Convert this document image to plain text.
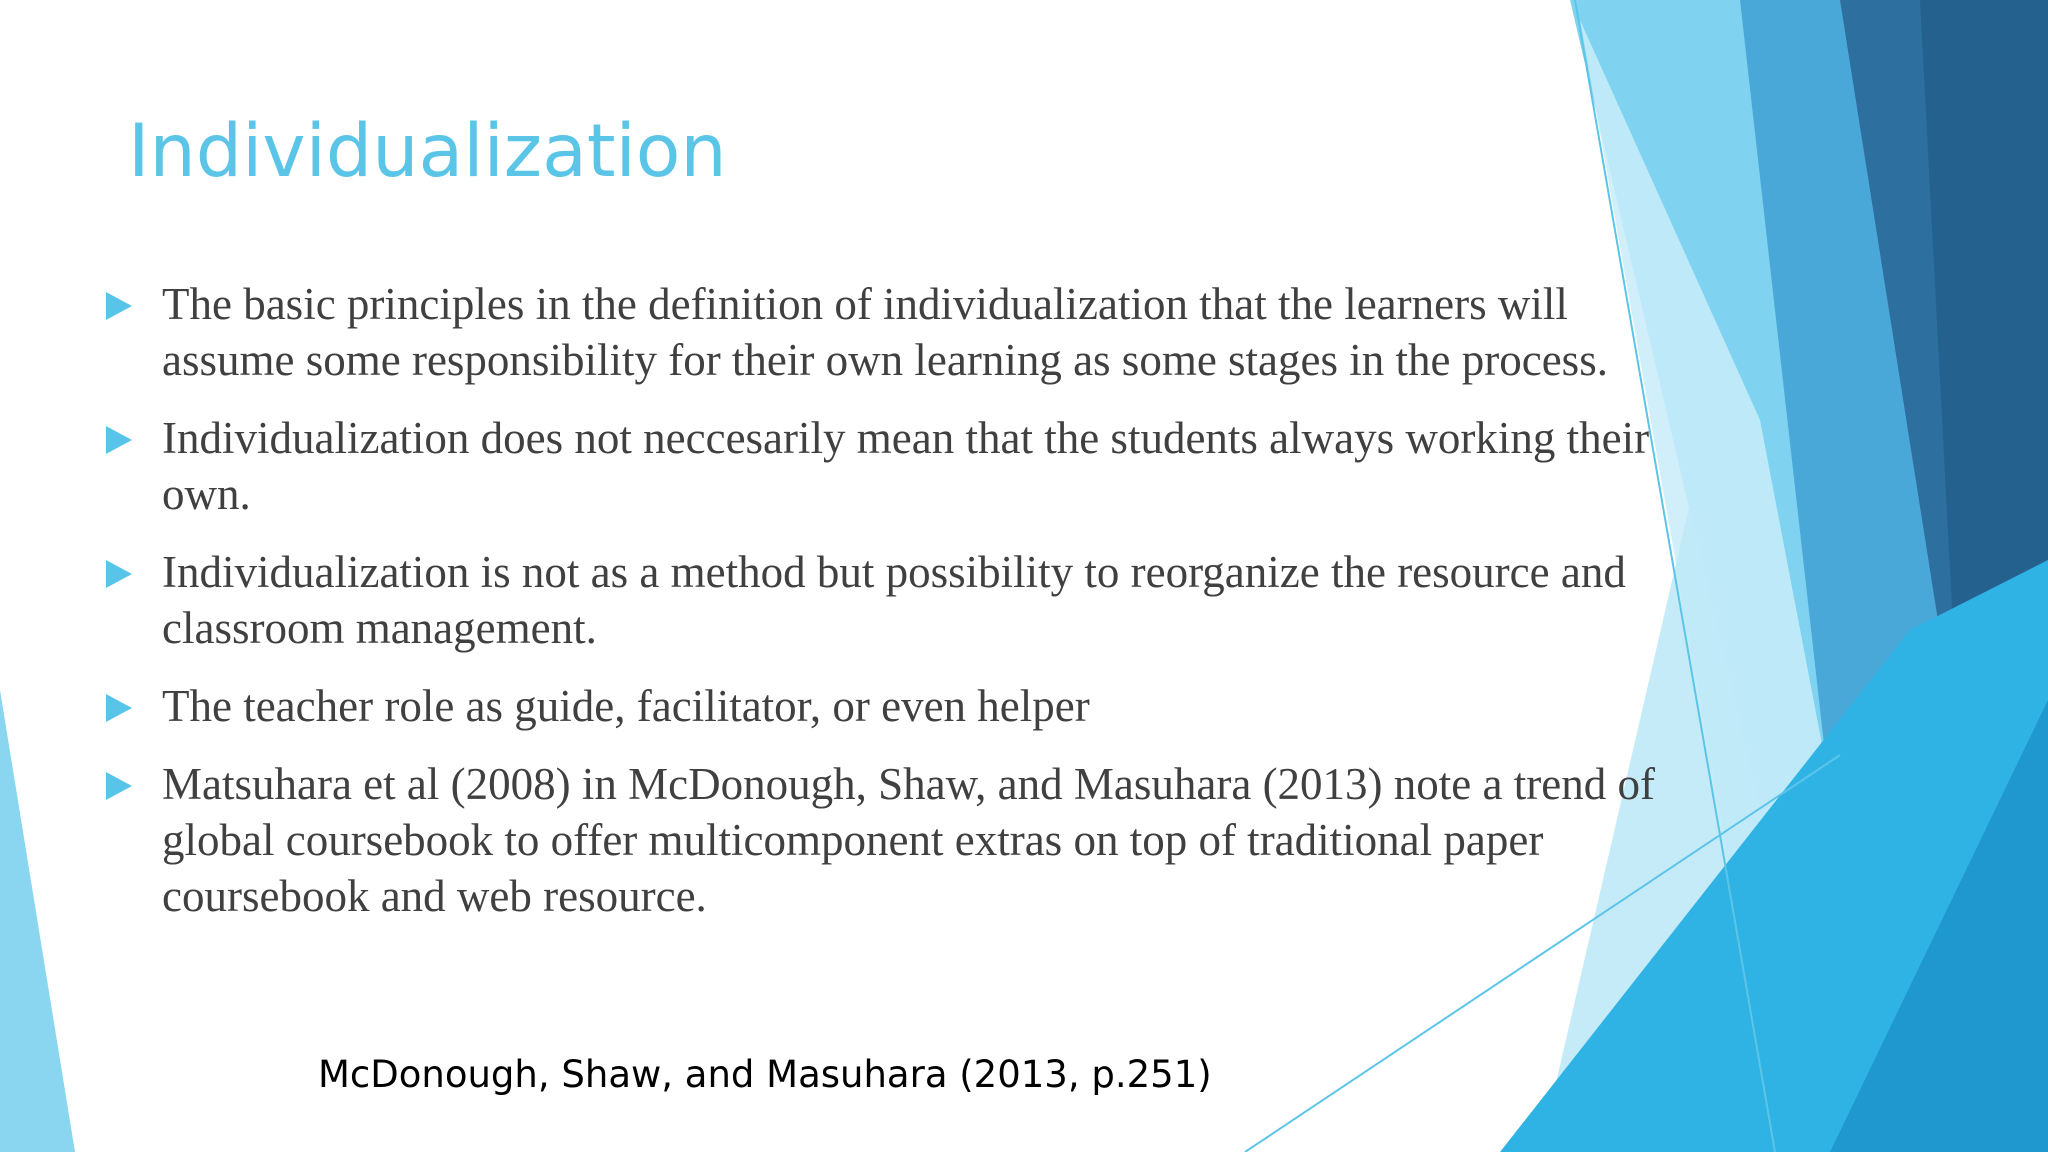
Individualization
The basic principles in the definition of individualization that the learners will assume some responsibility for their own learning as some stages in the process.
Individualization does not neccesarily mean that the students always working their own.
Individualization is not as a method but possibility to reorganize the resource and classroom management.
The teacher role as guide, facilitator, or even helper
Matsuhara et al (2008) in McDonough, Shaw, and Masuhara (2013) note a trend of global coursebook to offer multicomponent extras on top of traditional paper coursebook and web resource.

McDonough, Shaw, and Masuhara (2013, p.251)
